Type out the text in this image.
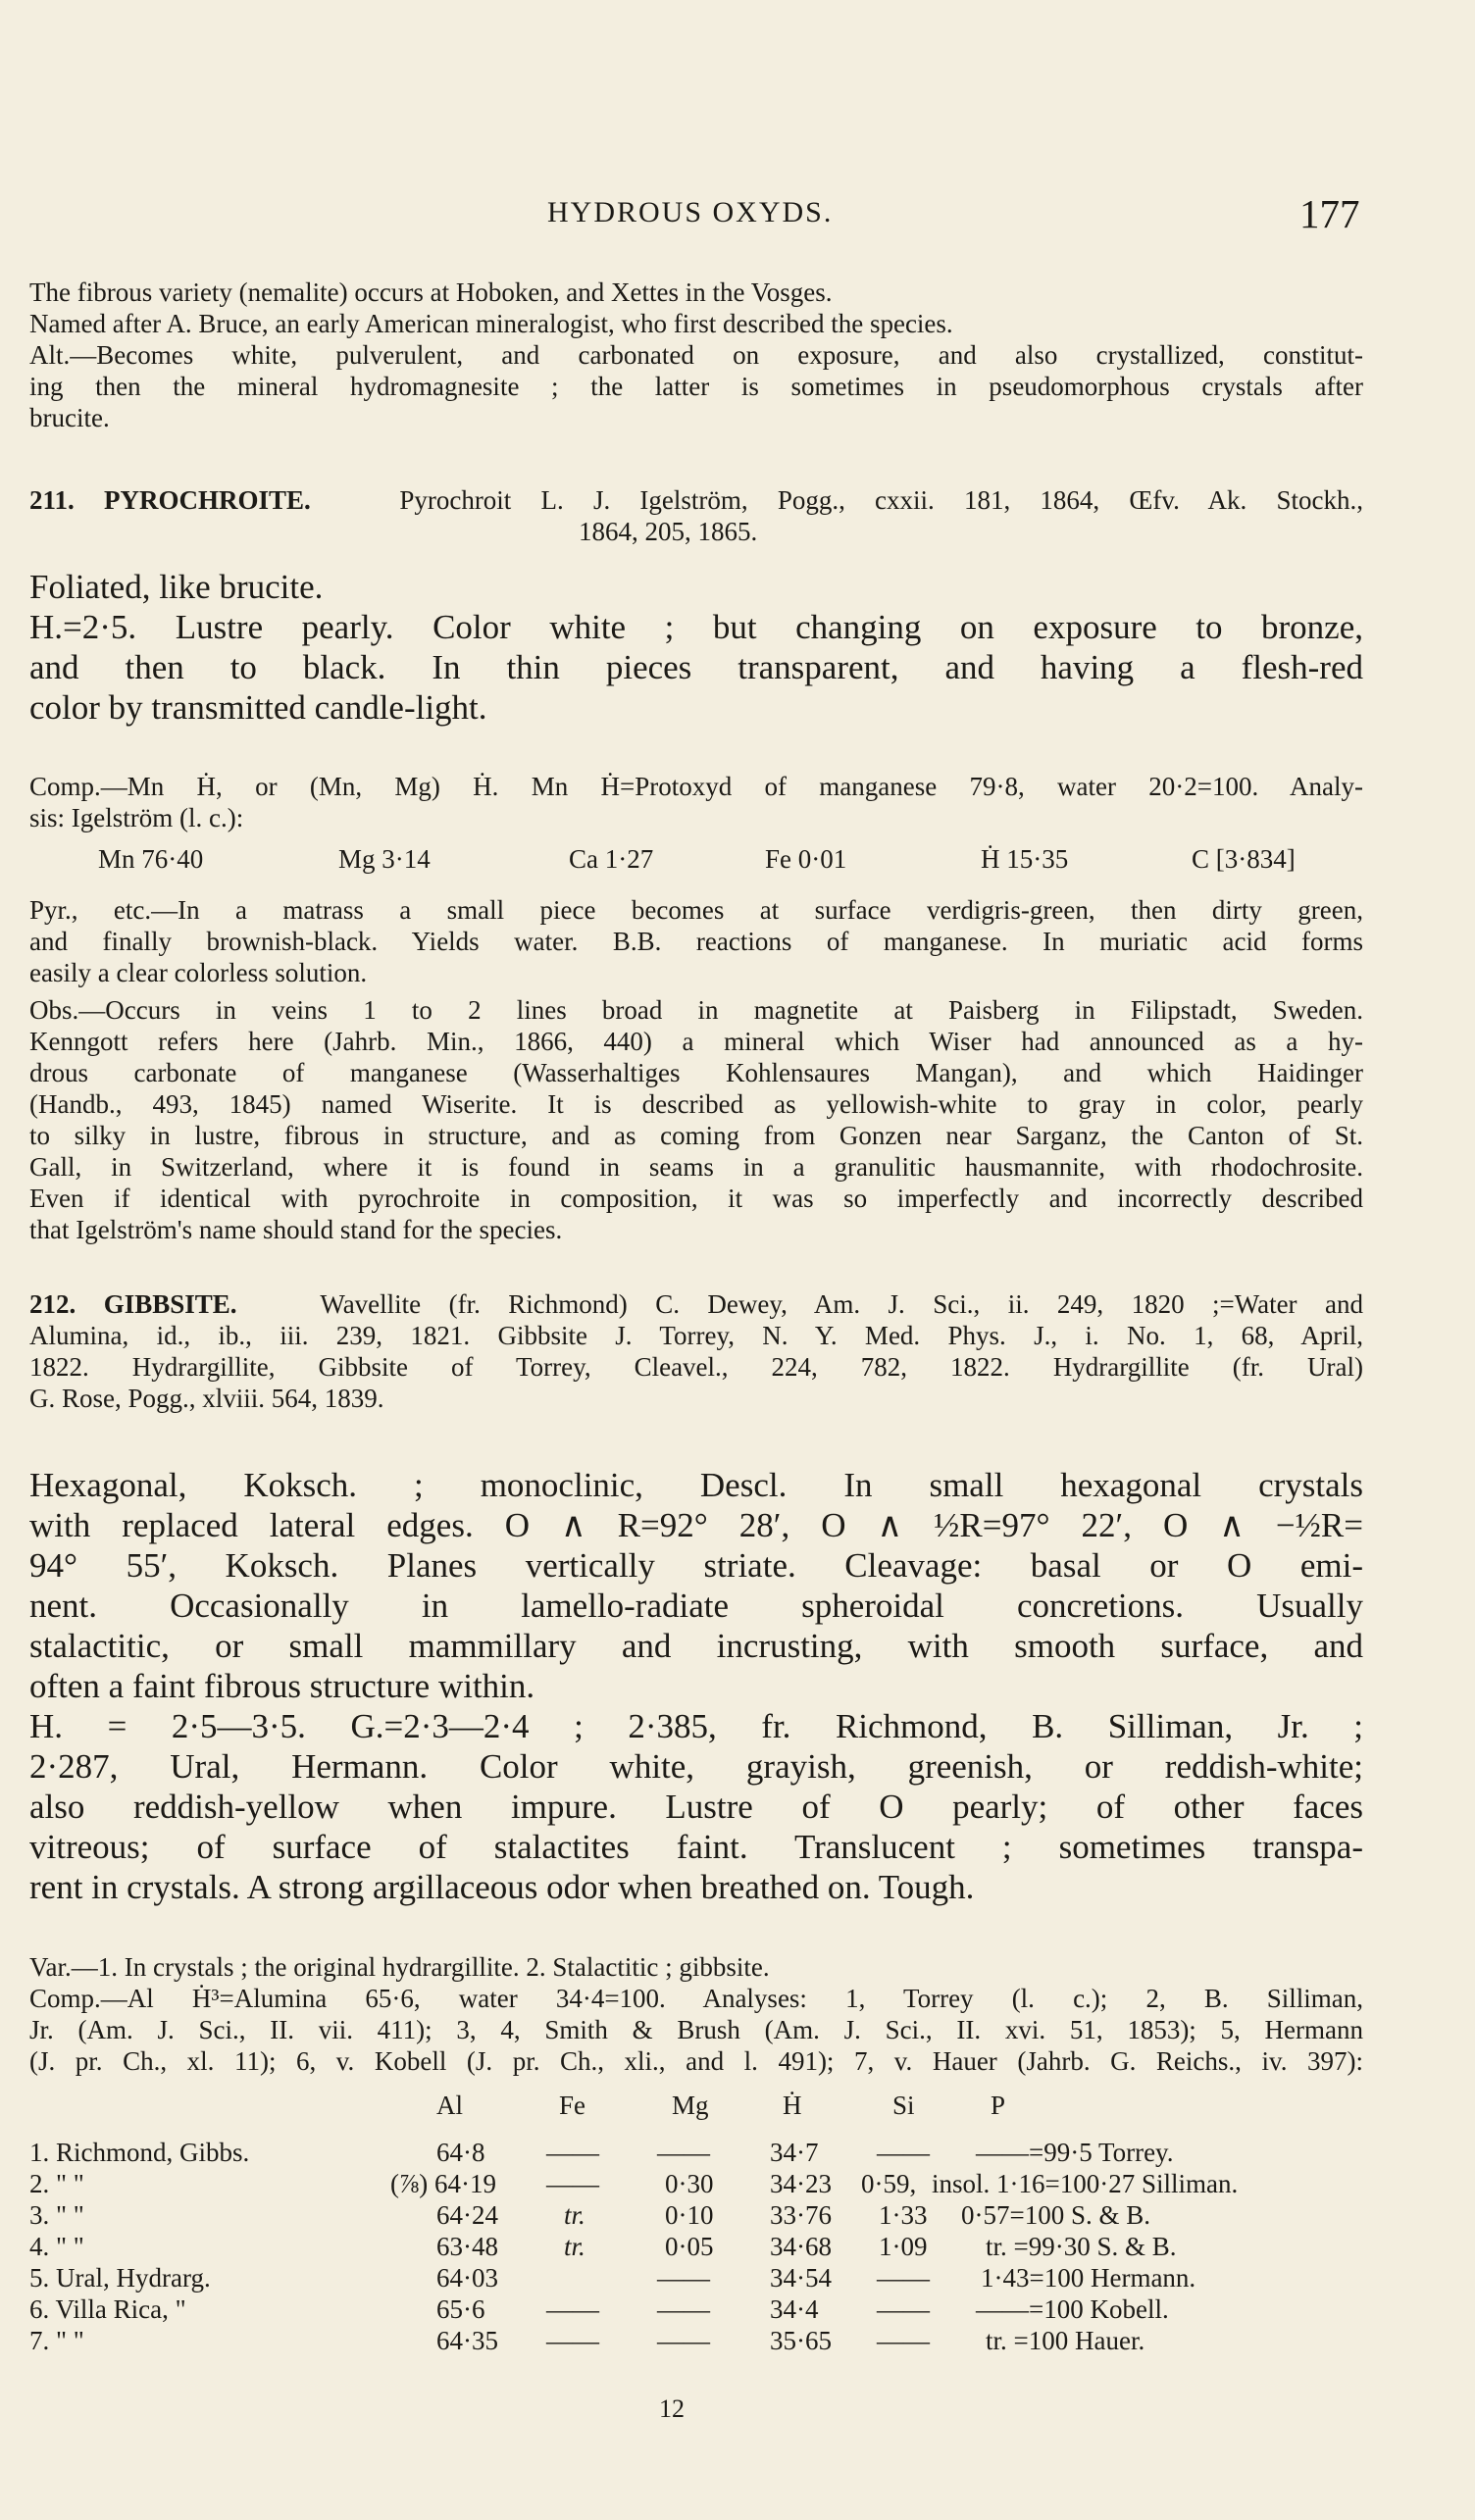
HYDROUS OXYDS.	177
The fibrous variety (nemalite) occurs at Hoboken, and Xettes in the Vosges.
Named after A. Bruce, an early American mineralogist, who first described the species.
Alt.—Becomes white, pulverulent, and carbonated on exposure, and also crystallized, constitut-
ing then the mineral hydromagnesite ; the latter is sometimes in pseudomorphous crystals after
brucite.
211. PYROCHROITE.	Pyrochroit L. J. Igelström, Pogg., cxxii. 181, 1864, Œfv. Ak. Stockh.,
1864, 205, 1865.
Foliated, like brucite.
H.=2·5. Lustre pearly. Color white ; but changing on exposure to bronze,
and then to black. In thin pieces transparent, and having a flesh-red
color by transmitted candle-light.
Comp.—Mn Ḣ, or (Mn, Mg) Ḣ. Mn Ḣ=Protoxyd of manganese 79·8, water 20·2=100. Analy-
sis: Igelström (l. c.):
Mn 76·40	Mg 3·14	Ca 1·27	Fe 0·01	Ḣ 15·35	C [3·834]
Pyr., etc.—In a matrass a small piece becomes at surface verdigris-green, then dirty green,
and finally brownish-black. Yields water. B.B. reactions of manganese. In muriatic acid forms
easily a clear colorless solution.
Obs.—Occurs in veins 1 to 2 lines broad in magnetite at Paisberg in Filipstadt, Sweden.
Kenngott refers here (Jahrb. Min., 1866, 440) a mineral which Wiser had announced as a hy-
drous carbonate of manganese (Wasserhaltiges Kohlensaures Mangan), and which Haidinger
(Handb., 493, 1845) named Wiserite. It is described as yellowish-white to gray in color, pearly
to silky in lustre, fibrous in structure, and as coming from Gonzen near Sarganz, the Canton of St.
Gall, in Switzerland, where it is found in seams in a granulitic hausmannite, with rhodochrosite.
Even if identical with pyrochroite in composition, it was so imperfectly and incorrectly described
that Igelström's name should stand for the species.
212. GIBBSITE.	Wavellite (fr. Richmond) C. Dewey, Am. J. Sci., ii. 249, 1820 ;=Water and
Alumina, id., ib., iii. 239, 1821. Gibbsite J. Torrey, N. Y. Med. Phys. J., i. No. 1, 68, April,
1822. Hydrargillite, Gibbsite of Torrey, Cleavel., 224, 782, 1822. Hydrargillite (fr. Ural)
G. Rose, Pogg., xlviii. 564, 1839.
Hexagonal, Koksch. ; monoclinic, Descl. In small hexagonal crystals
with replaced lateral edges. O ∧ R=92° 28′, O ∧ ½R=97° 22′, O ∧ −½R=
94° 55′, Koksch. Planes vertically striate. Cleavage: basal or O emi-
nent. Occasionally in lamello-radiate spheroidal concretions. Usually
stalactitic, or small mammillary and incrusting, with smooth surface, and
often a faint fibrous structure within.
H. = 2·5—3·5. G.=2·3—2·4 ; 2·385, fr. Richmond, B. Silliman, Jr. ;
2·287, Ural, Hermann. Color white, grayish, greenish, or reddish-white;
also reddish-yellow when impure. Lustre of O pearly; of other faces
vitreous; of surface of stalactites faint. Translucent ; sometimes transpa-
rent in crystals. A strong argillaceous odor when breathed on. Tough.
Var.—1. In crystals ; the original hydrargillite. 2. Stalactitic ; gibbsite.
Comp.—Al Ḣ³=Alumina 65·6, water 34·4=100. Analyses: 1, Torrey (l. c.); 2, B. Silliman,
Jr. (Am. J. Sci., II. vii. 411); 3, 4, Smith & Brush (Am. J. Sci., II. xvi. 51, 1853); 5, Hermann
(J. pr. Ch., xl. 11); 6, v. Kobell (J. pr. Ch., xli., and l. 491); 7, v. Hauer (Jahrb. G. Reichs., iv. 397):
Al	Fe	Mg	Ḣ	Si	P
1. Richmond, Gibbs.	64·8 —— —— 34·7 —— ——=99·5 Torrey.
2. " "	(⅞) 64·19 —— 0·30 34·23 0·59, insol. 1·16=100·27 Silliman.
3. " "	64·24 tr.	0·10 33·76 1·33 0·57=100 S. & B.
4. " "	63·48 tr.	0·05 34·68 1·09 tr. =99·30 S. & B.
5. Ural, Hydrarg.	64·03	—— 34·54 —— 1·43=100 Hermann.
6. Villa Rica, "	65·6 —— —— 34·4 —— ——=100 Kobell.
7. " "	64·35 —— —— 35·65 —— tr. =100 Hauer.
12
